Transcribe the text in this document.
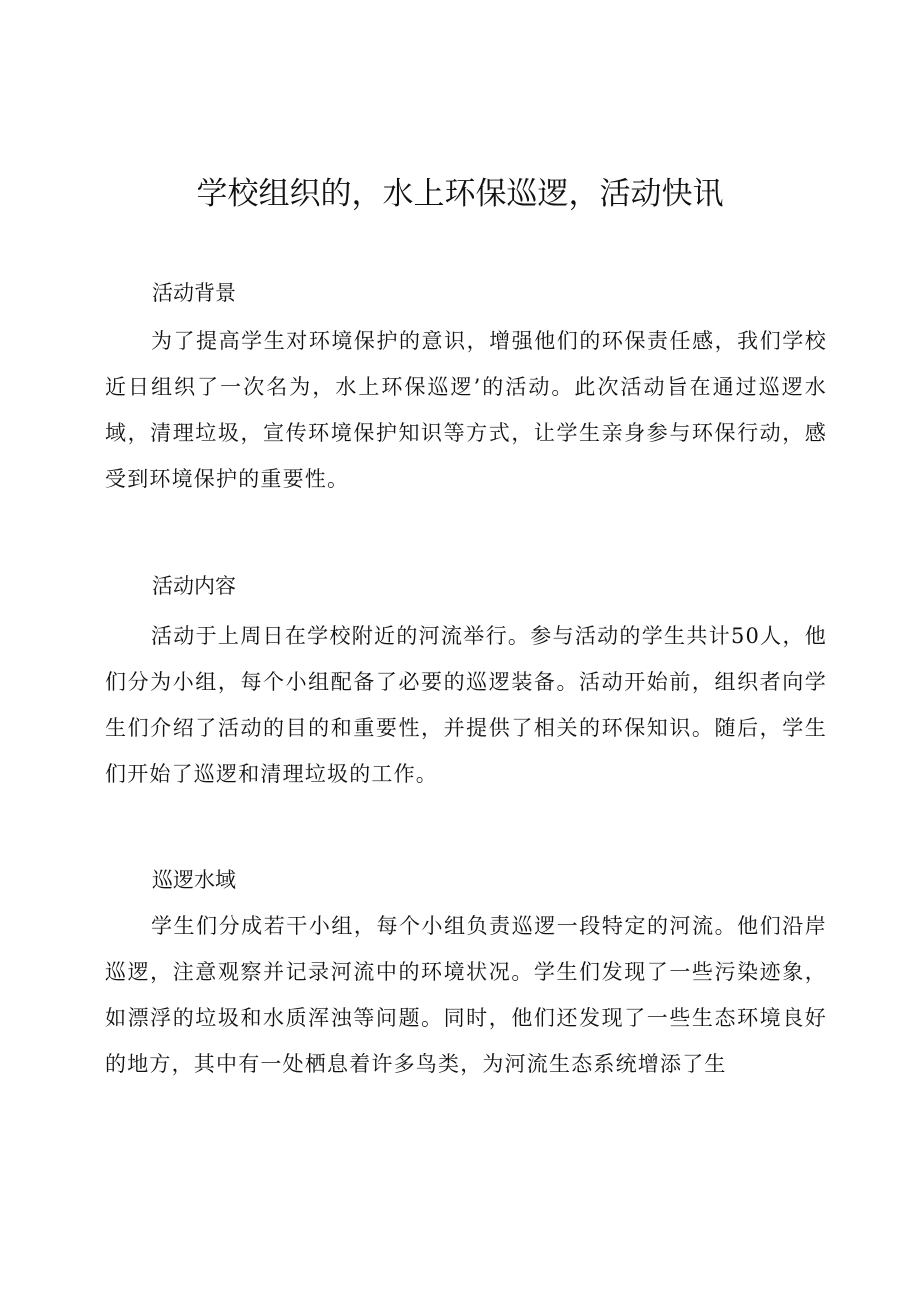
学校组织的，水上环保巡逻，活动快讯
活动背景

为了提高学生对环境保护的意识，增强他们的环保责任感，我们学校近日组织了一次名为，水上环保巡逻’的活动。此次活动旨在通过巡逻水域，清理垃圾，宣传环境保护知识等方式，让学生亲身参与环保行动，感受到环境保护的重要性。

活动内容

活动于上周日在学校附近的河流举行。参与活动的学生共计50人，他们分为小组，每个小组配备了必要的巡逻装备。活动开始前，组织者向学生们介绍了活动的目的和重要性，并提供了相关的环保知识。随后，学生们开始了巡逻和清理垃圾的工作。

巡逻水域

学生们分成若干小组，每个小组负责巡逻一段特定的河流。他们沿岸巡逻，注意观察并记录河流中的环境状况。学生们发现了一些污染迹象，如漂浮的垃圾和水质浑浊等问题。同时，他们还发现了一些生态环境良好的地方，其中有一处栖息着许多鸟类，为河流生态系统增添了生
